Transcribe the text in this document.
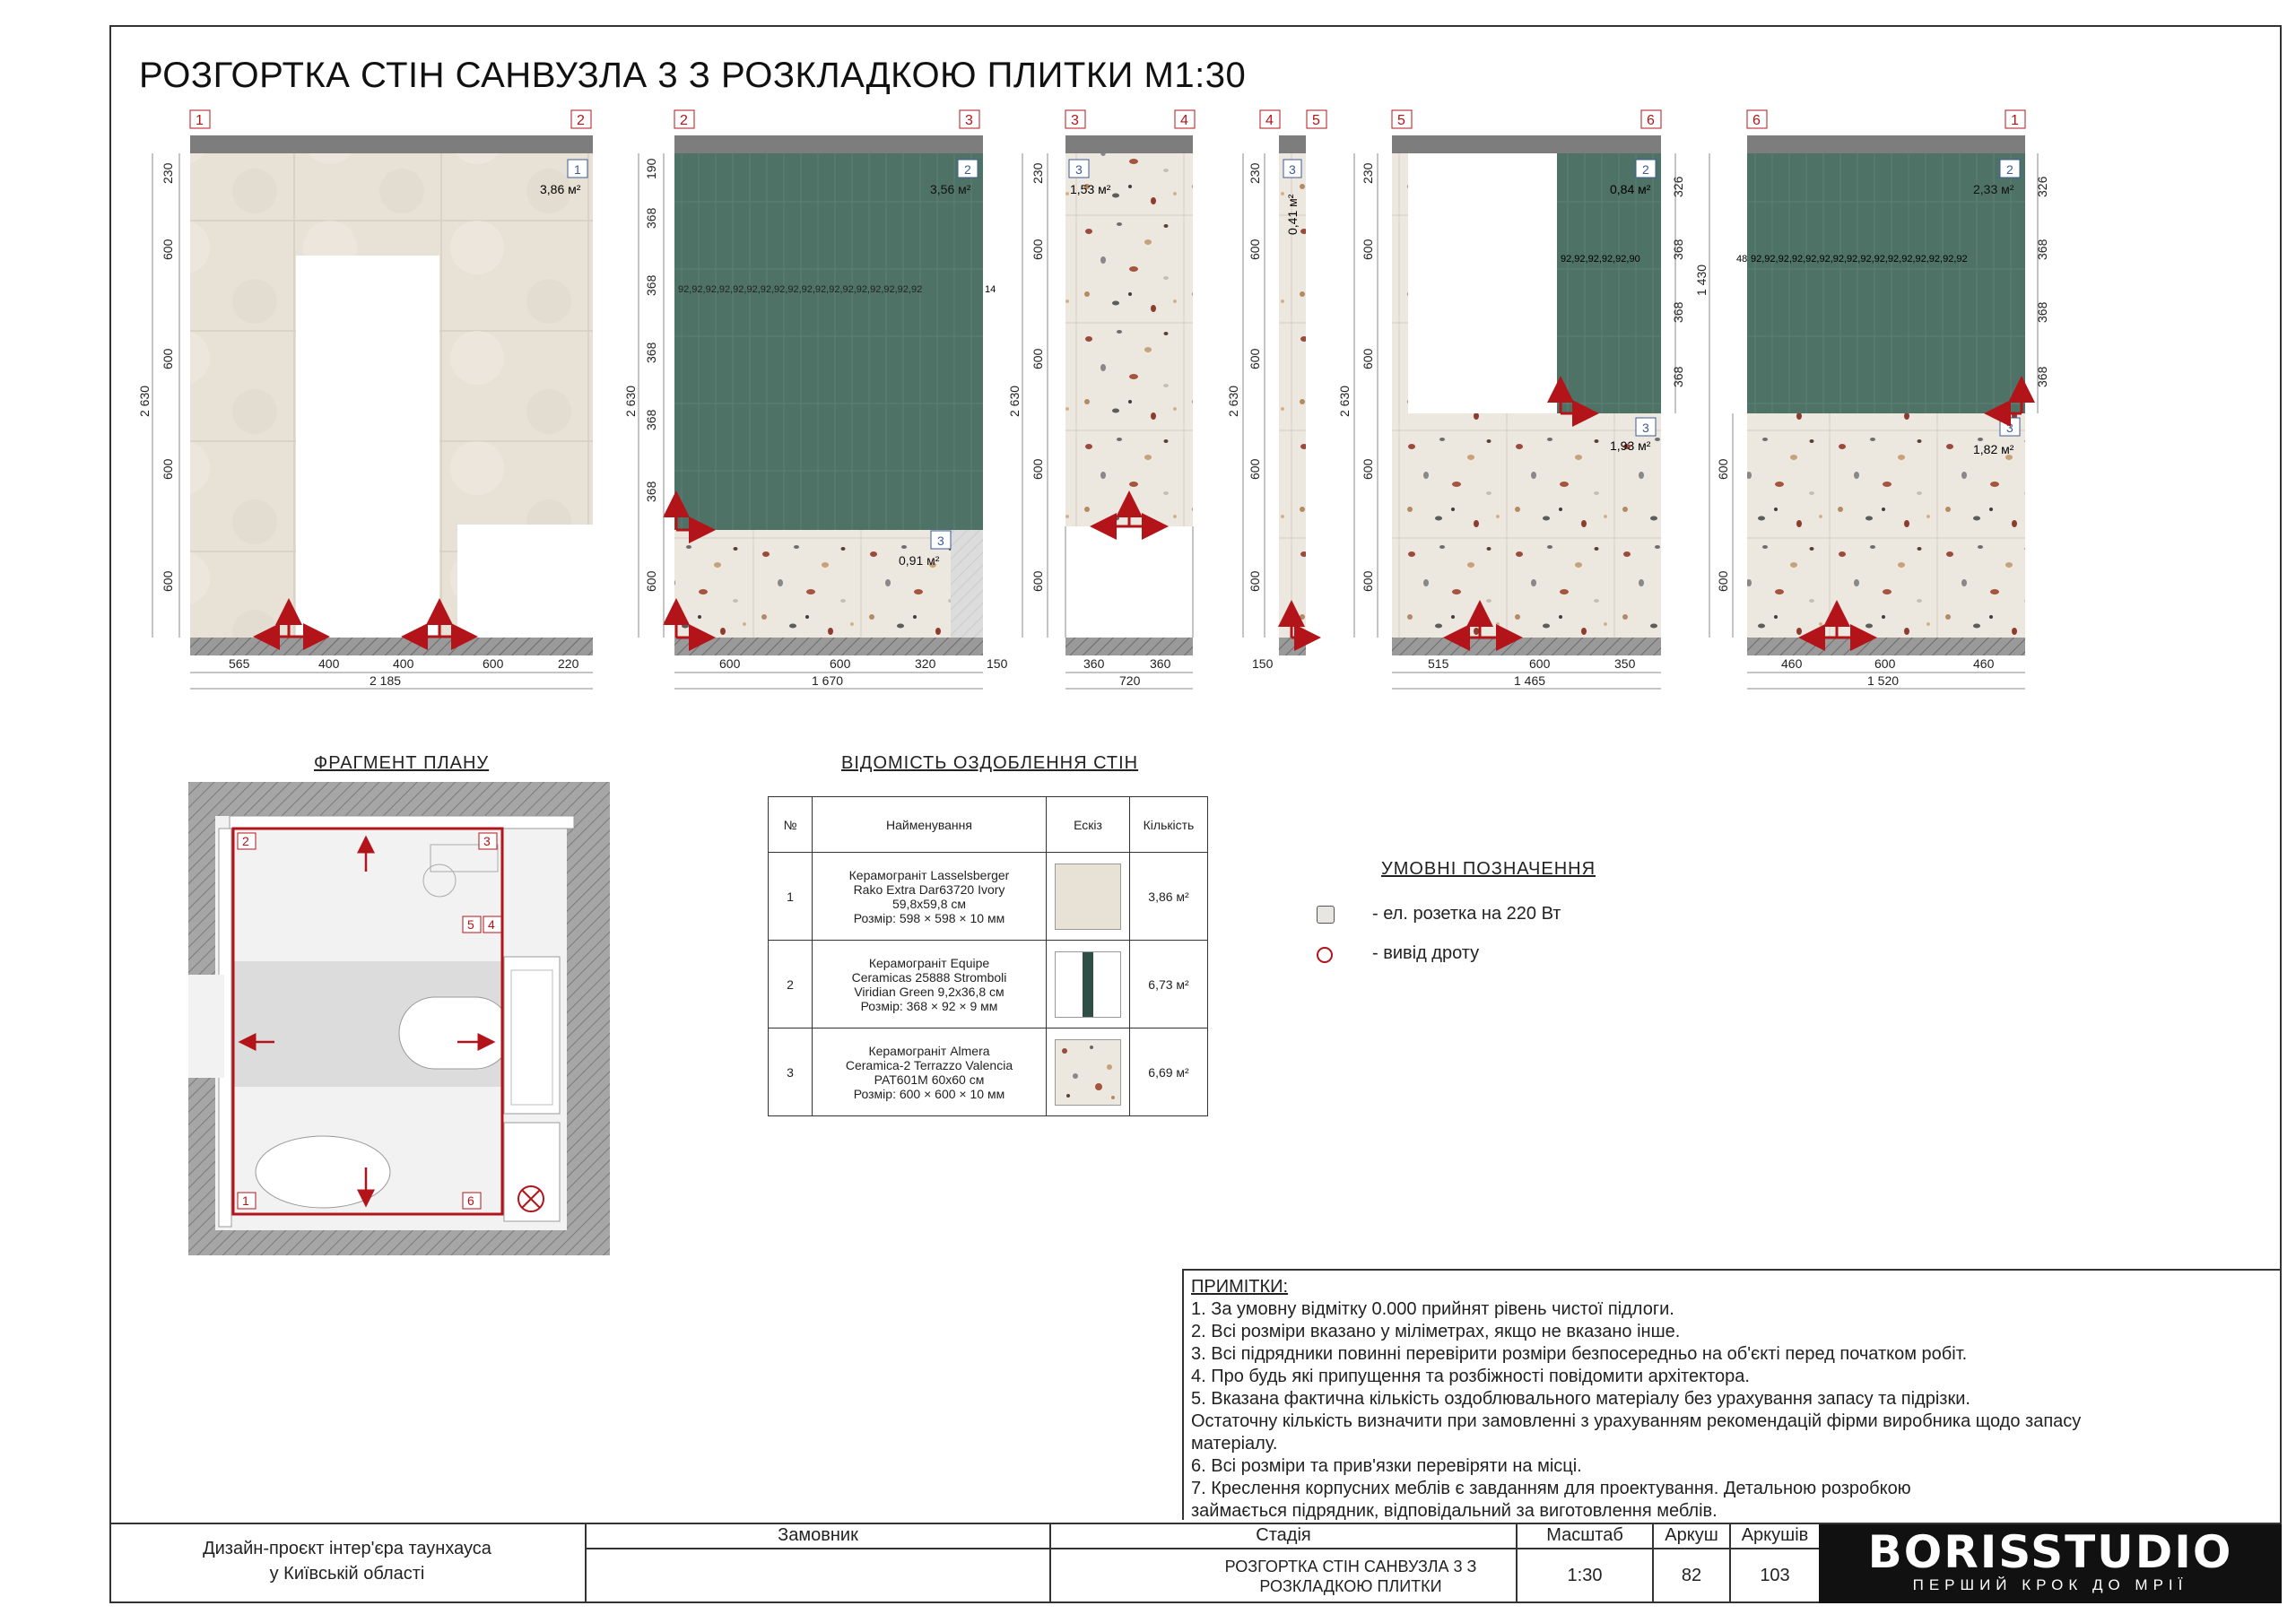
РОЗГОРТКА СТІН САНВУЗЛА 3 З РОЗКЛАДКОЮ ПЛИТКИ М1:30
1	2	2	3	3	4	4	5	5	6	6	1
1
3,86 м²
565	400	400	600	220
2 185
230
600
600
600
600
2 630
2
3,56 м²
3
0,91 м²
92,92,92,92,92,92,92,92,92,92,92,92,92,92,92,92,92,92	14
600	600	320	150
1 670
190
368
368
368
368
368
600
2 630
3
1,53 м²
360	360
720
230
600
600
600
600
2 630
3
0,41 м²
150
230
600
600
600
600
2 630
2
0,84 м²
3
1,93 м²
92,92,92,92,92,90
515	600	350
1 465
230
600
600
600
600
2 630
326
368
368
368
2
2,33 м²
3
1,82 м²
92,92,92,92,92,92,92,92,92,92,92,92,92,92,92,92
48
460	600	460
1 520
600
600
1 430
326
368
368
368
ФРАГМЕНТ ПЛАНУ
2	3
5 4
1	6
ВІДОМІСТЬ ОЗДОБЛЕННЯ СТІН
№	Найменування	Ескіз	Кількість
1	Керамограніт Lasselsberger
Rako Extra Dar63720 Ivory
59,8x59,8 см
Розмір: 598 × 598 × 10 мм		3,86 м²
2	Керамограніт Equipe
Ceramicas 25888 Stromboli
Viridian Green 9,2x36,8 см
Розмір: 368 × 92 × 9 мм		6,73 м²
3	Керамограніт Almera
Ceramica-2 Terrazzo Valencia
PAT601M 60x60 см
Розмір: 600 × 600 × 10 мм		6,69 м²
УМОВНІ ПОЗНАЧЕННЯ
- ел. розетка на 220 Вт
- вивід дроту
ПРИМІТКИ:
1. За умовну відмітку 0.000 прийнят рівень чистої підлоги.
2. Всі розміри вказано у міліметрах, якщо не вказано інше.
3. Всі підрядники повинні перевірити розміри безпосередньо на об'єкті перед початком робіт.
4. Про будь які припущення та розбіжності повідомити архітектора.
5. Вказана фактична кількість оздоблювального матеріалу без урахування запасу та підрізки.
Остаточну кількість визначити при замовленні з урахуванням рекомендацій фірми виробника щодо запасу
матеріалу.
6. Всі розміри та прив'язки перевіряти на місці.
7. Креслення корпусних меблів є завданням для проектування. Детальною розробкою
займається підрядник, відповідальний за виготовлення меблів.
Дизайн-проєкт інтер'єра таунхауса
у Київській області
Замовник	Стадія	Масштаб	Аркуш	Аркушів
РОЗГОРТКА СТІН САНВУЗЛА 3 З РОЗКЛАДКОЮ ПЛИТКИ
1:30	82	103	BORISSTUDIO
ПЕРШИЙ КРОК ДО МРІЇ
